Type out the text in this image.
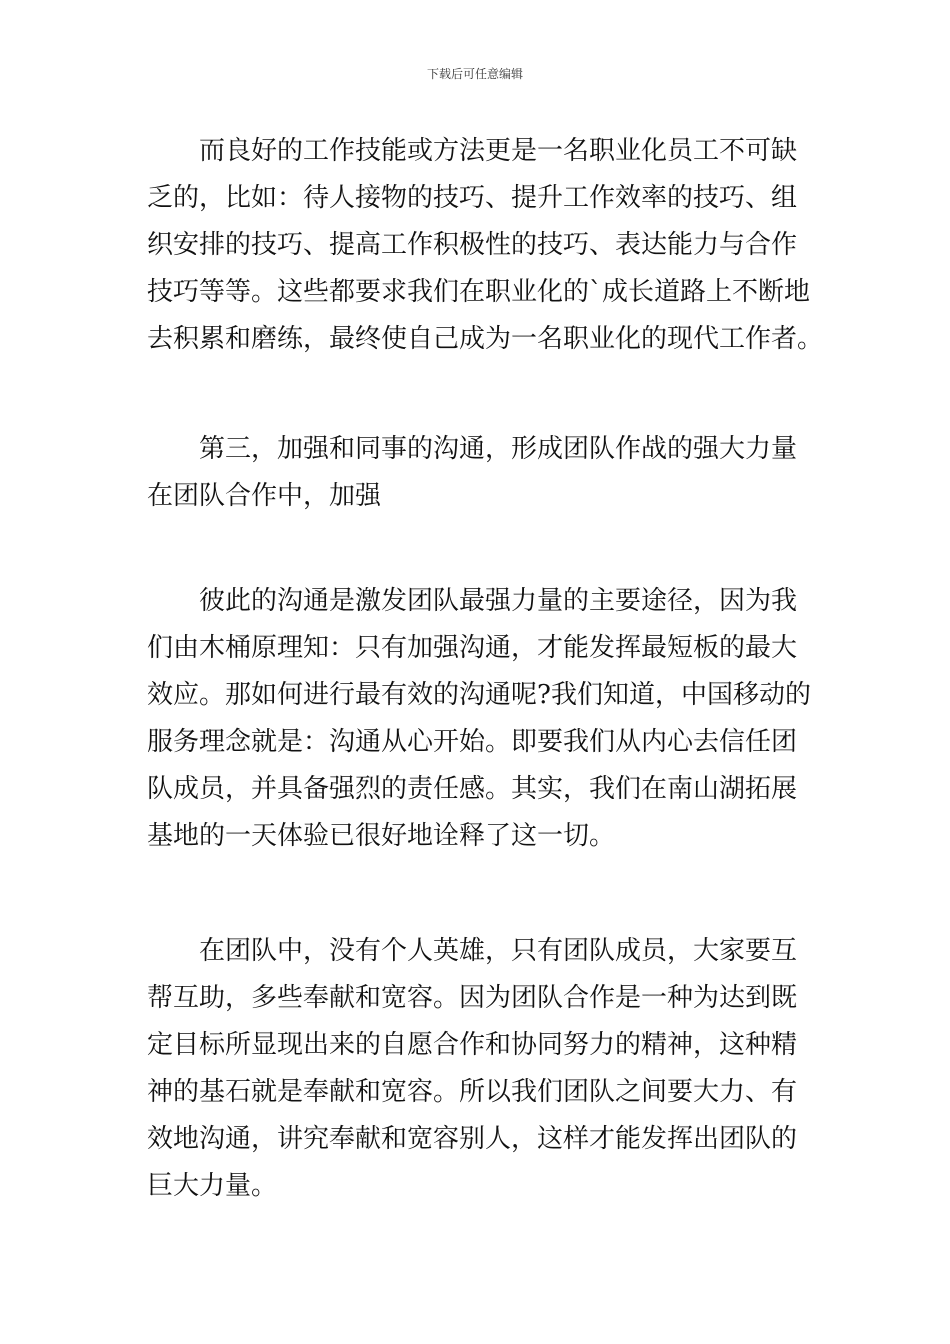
下载后可任意编辑
而良好的工作技能或方法更是一名职业化员工不可缺
乏的，比如：待人接物的技巧、提升工作效率的技巧、组
织安排的技巧、提高工作积极性的技巧、表达能力与合作
技巧等等。这些都要求我们在职业化的`成长道路上不断地
去积累和磨练，最终使自己成为一名职业化的现代工作者。
第三，加强和同事的沟通，形成团队作战的强大力量
在团队合作中，加强
彼此的沟通是激发团队最强力量的主要途径，因为我
们由木桶原理知：只有加强沟通，才能发挥最短板的最大
效应。那如何进行最有效的沟通呢?我们知道，中国移动的
服务理念就是：沟通从心开始。即要我们从内心去信任团
队成员，并具备强烈的责任感。其实，我们在南山湖拓展
基地的一天体验已很好地诠释了这一切。
在团队中，没有个人英雄，只有团队成员，大家要互
帮互助，多些奉献和宽容。因为团队合作是一种为达到既
定目标所显现出来的自愿合作和协同努力的精神，这种精
神的基石就是奉献和宽容。所以我们团队之间要大力、有
效地沟通，讲究奉献和宽容别人，这样才能发挥出团队的
巨大力量。
